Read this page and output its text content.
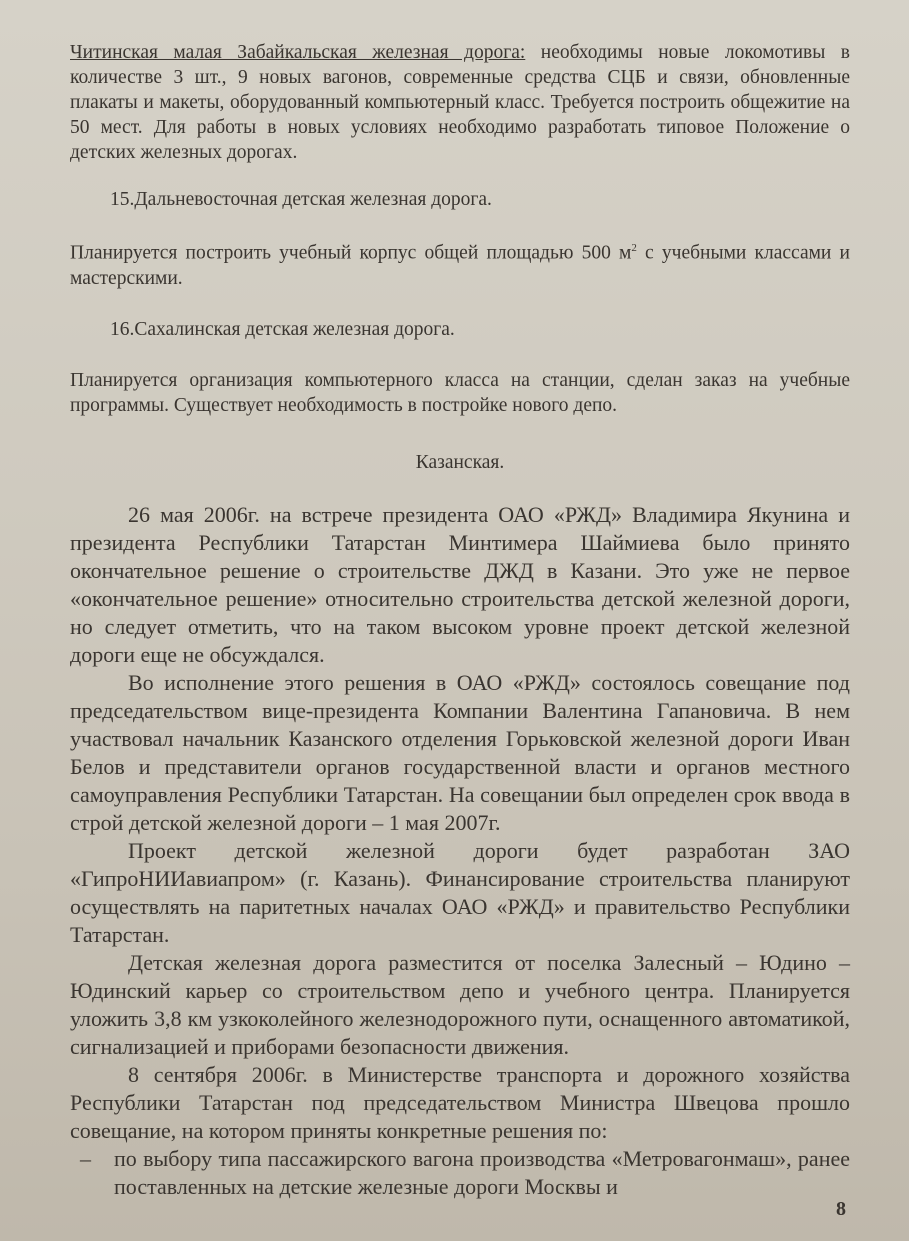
Читинская малая Забайкальская железная дорога: необходимы новые локомотивы в количестве 3 шт., 9 новых вагонов, современные средства СЦБ и связи, обновленные плакаты и макеты, оборудованный компьютерный класс. Требуется построить общежитие на 50 мест. Для работы в новых условиях необходимо разработать типовое Положение о детских железных дорогах.

15.Дальневосточная детская железная дорога.

Планируется построить учебный корпус общей площадью 500 $м^2$ с учебными классами и мастерскими.

16.Сахалинская детская железная дорога.

Планируется организация компьютерного класса на станции, сделан заказ на учебные программы. Существует необходимость в постройке нового депо.

Казанская.

26 мая 2006г. на встрече президента ОАО «РЖД» Владимира Якунина и президента Республики Татарстан Минтимера Шаймиева было принято окончательное решение о строительстве ДЖД в Казани. Это уже не первое «окончательное решение» относительно строительства детской железной дороги, но следует отметить, что на таком высоком уровне проект детской железной дороги еще не обсуждался.

Во исполнение этого решения в ОАО «РЖД» состоялось совещание под председательством вице-президента Компании Валентина Гапановича. В нем участвовал начальник Казанского отделения Горьковской железной дороги Иван Белов и представители органов государственной власти и органов местного самоуправления Республики Татарстан. На совещании был определен срок ввода в строй детской железной дороги – 1 мая 2007г.

Проект детской железной дороги будет разработан ЗАО «ГипроНИИавиапром» (г. Казань). Финансирование строительства планируют осуществлять на паритетных началах ОАО «РЖД» и правительство Республики Татарстан.

Детская железная дорога разместится от поселка Залесный – Юдино – Юдинский карьер со строительством депо и учебного центра. Планируется уложить 3,8 км узкоколейного железнодорожного пути, оснащенного автоматикой, сигнализацией и приборами безопасности движения.

8 сентября 2006г. в Министерстве транспорта и дорожного хозяйства Республики Татарстан под председательством Министра Швецова прошло совещание, на котором приняты конкретные решения по:

–	по выбору типа пассажирского вагона производства «Метровагонмаш», ранее поставленных на детские железные дороги Москвы и
8
